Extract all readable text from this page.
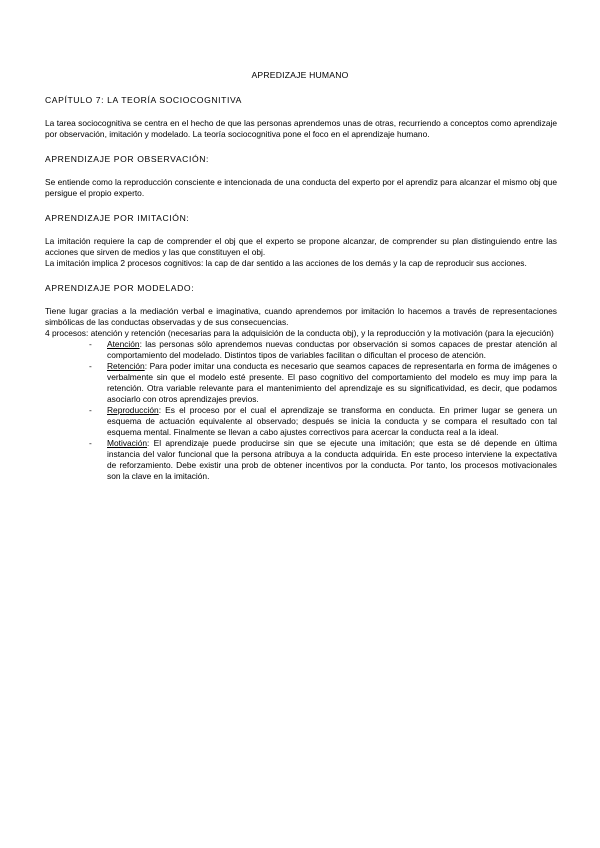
APREDIZAJE HUMANO
CAPÍTULO 7: LA TEORÍA SOCIOCOGNITIVA

La tarea sociocognitiva se centra en el hecho de que las personas aprendemos unas de otras, recurriendo a conceptos como aprendizaje por observación, imitación y modelado. La teoría sociocognitiva pone el foco en el aprendizaje humano.

APRENDIZAJE POR OBSERVACIÓN:

Se entiende como la reproducción consciente e intencionada de una conducta del experto por el aprendiz para alcanzar el mismo obj que persigue el propio experto.

APRENDIZAJE POR IMITACIÓN:

La imitación requiere la cap de comprender el obj que el experto se propone alcanzar, de comprender su plan distinguiendo entre las acciones que sirven de medios y las que constituyen el obj.

La imitación implica 2 procesos cognitivos: la cap de dar sentido a las acciones de los demás y la cap de reproducir sus acciones.

APRENDIZAJE POR MODELADO:

Tiene lugar gracias a la mediación verbal e imaginativa, cuando aprendemos por imitación lo hacemos a través de representaciones simbólicas de las conductas observadas y de sus consecuencias.

4 procesos: atención y retención (necesarias para la adquisición de la conducta obj), y la reproducción y la motivación (para la ejecución)

- Atención: las personas sólo aprendemos nuevas conductas por observación si somos capaces de prestar atención al comportamiento del modelado. Distintos tipos de variables facilitan o dificultan el proceso de atención.
- Retención: Para poder imitar una conducta es necesario que seamos capaces de representarla en forma de imágenes o verbalmente sin que el modelo esté presente. El paso cognitivo del comportamiento del modelo es muy imp para la retención. Otra variable relevante para el mantenimiento del aprendizaje es su significatividad, es decir, que podamos asociarlo con otros aprendizajes previos.
- Reproducción: Es el proceso por el cual el aprendizaje se transforma en conducta. En primer lugar se genera un esquema de actuación equivalente al observado; después se inicia la conducta y se compara el resultado con tal esquema mental. Finalmente se llevan a cabo ajustes correctivos para acercar la conducta real a la ideal.
- Motivación: El aprendizaje puede producirse sin que se ejecute una imitación; que esta se dé depende en última instancia del valor funcional que la persona atribuya a la conducta adquirida. En este proceso interviene la expectativa de reforzamiento. Debe existir una prob de obtener incentivos por la conducta. Por tanto, los procesos motivacionales son la clave en la imitación.
